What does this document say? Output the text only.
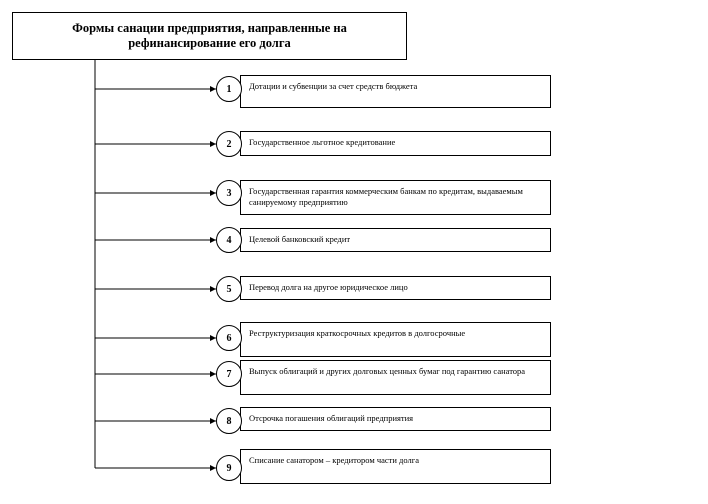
Формы санации предприятия, направленные на рефинансирование его долга
Дотации и субвенции за счет средств бюджета
1
Государственное льготное кредитование
2
Государственная гарантия коммерческим банкам по кредитам, выдаваемым санируемому предприятию
3
Целевой банковский кредит
4
Перевод долга на другое юридическое лицо
5
Реструктуризация краткосрочных кредитов в долгосрочные
6
Выпуск облигаций и других долговых ценных бумаг под гарантию санатора
7
Отсрочка погашения облигаций предприятия
8
Списание санатором – кредитором части долга
9
